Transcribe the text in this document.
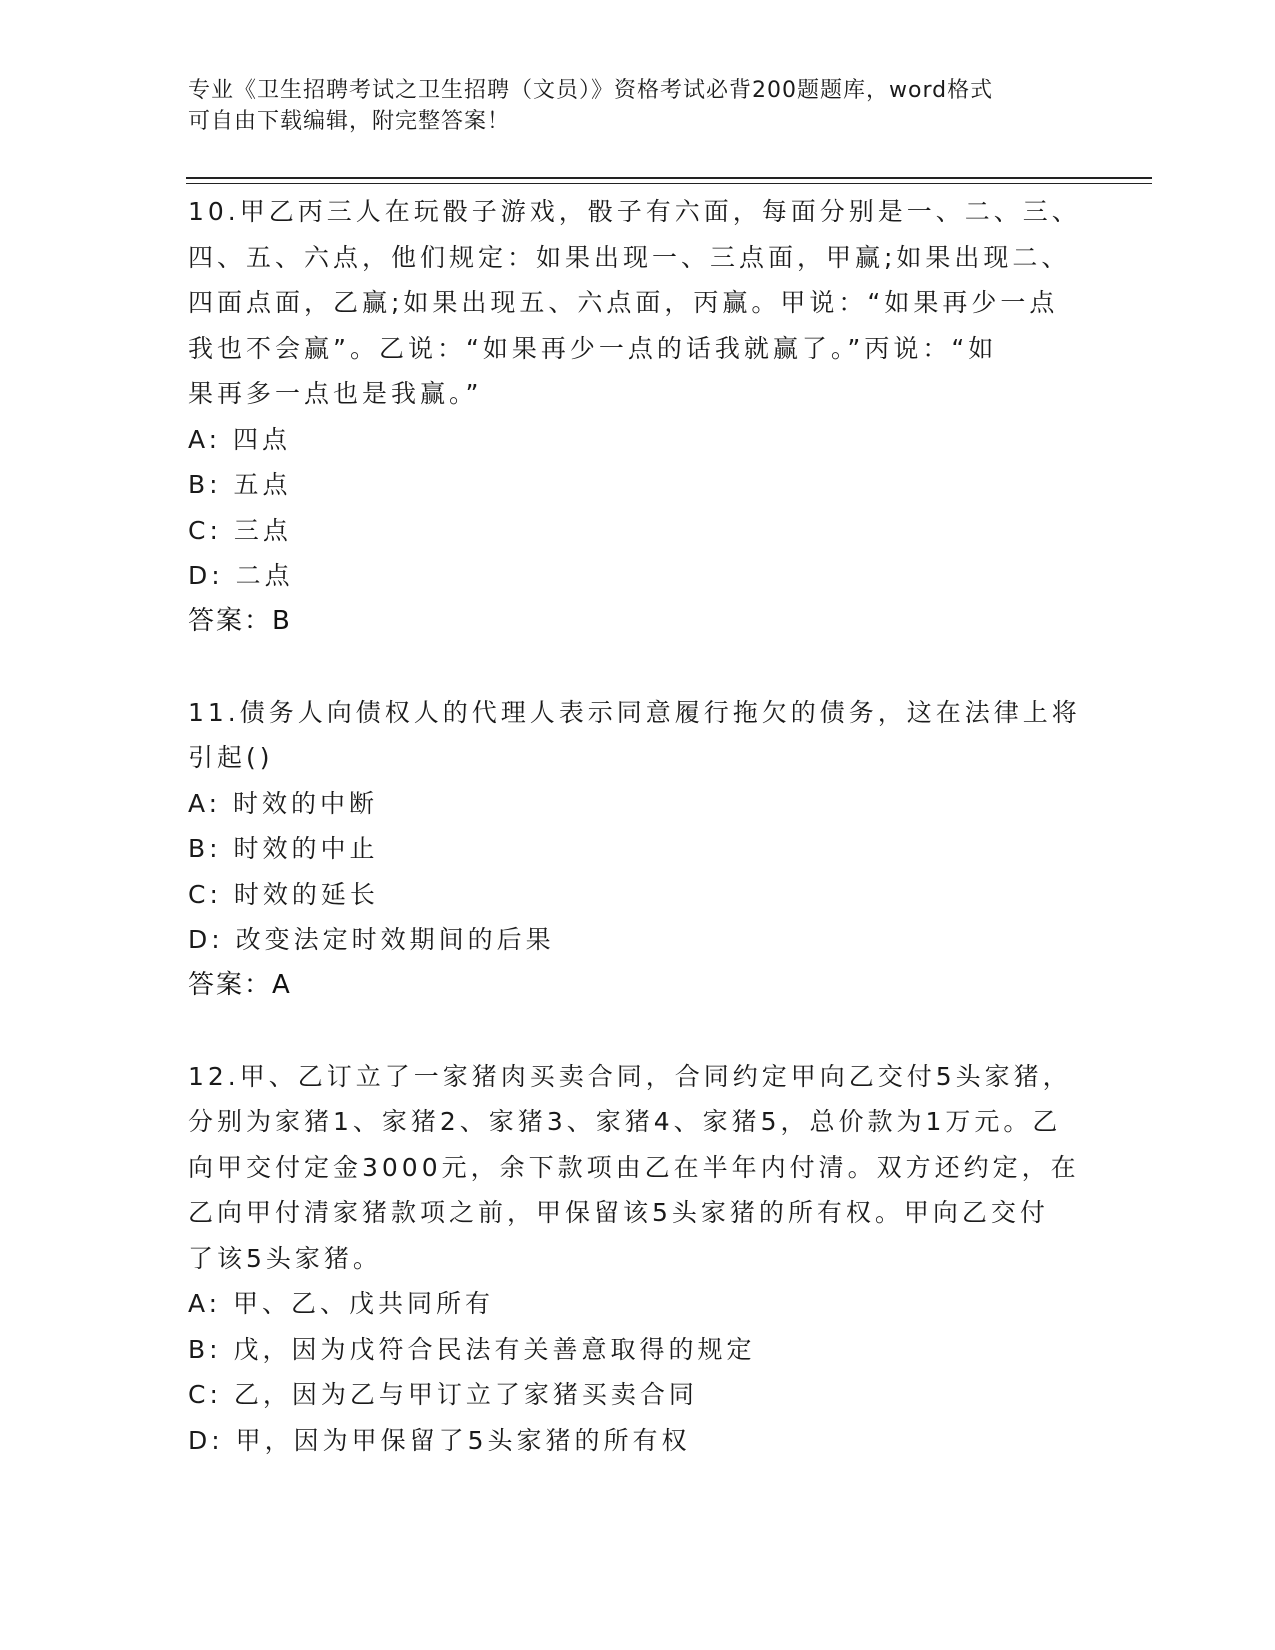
专业《卫生招聘考试之卫生招聘（文员）》资格考试必背200题题库，word格式
可自由下载编辑，附完整答案！
10.甲乙丙三人在玩骰子游戏，骰子有六面，每面分别是一、二、三、
四、五、六点，他们规定：如果出现一、三点面，甲赢;如果出现二、
四面点面，乙赢;如果出现五、六点面，丙赢。甲说：“如果再少一点
我也不会赢”。乙说：“如果再少一点的话我就赢了。”丙说：“如
果再多一点也是我赢。”
A: 四点
B: 五点
C: 三点
D: 二点
答案：B
11.债务人向债权人的代理人表示同意履行拖欠的债务，这在法律上将
引起()
A: 时效的中断
B: 时效的中止
C: 时效的延长
D: 改变法定时效期间的后果
答案：A
12.甲、乙订立了一家猪肉买卖合同，合同约定甲向乙交付5头家猪，
分别为家猪1、家猪2、家猪3、家猪4、家猪5，总价款为1万元。乙
向甲交付定金3000元，余下款项由乙在半年内付清。双方还约定，在
乙向甲付清家猪款项之前，甲保留该5头家猪的所有权。甲向乙交付
了该5头家猪。
A: 甲、乙、戊共同所有
B: 戊，因为戊符合民法有关善意取得的规定
C: 乙，因为乙与甲订立了家猪买卖合同
D: 甲，因为甲保留了5头家猪的所有权
